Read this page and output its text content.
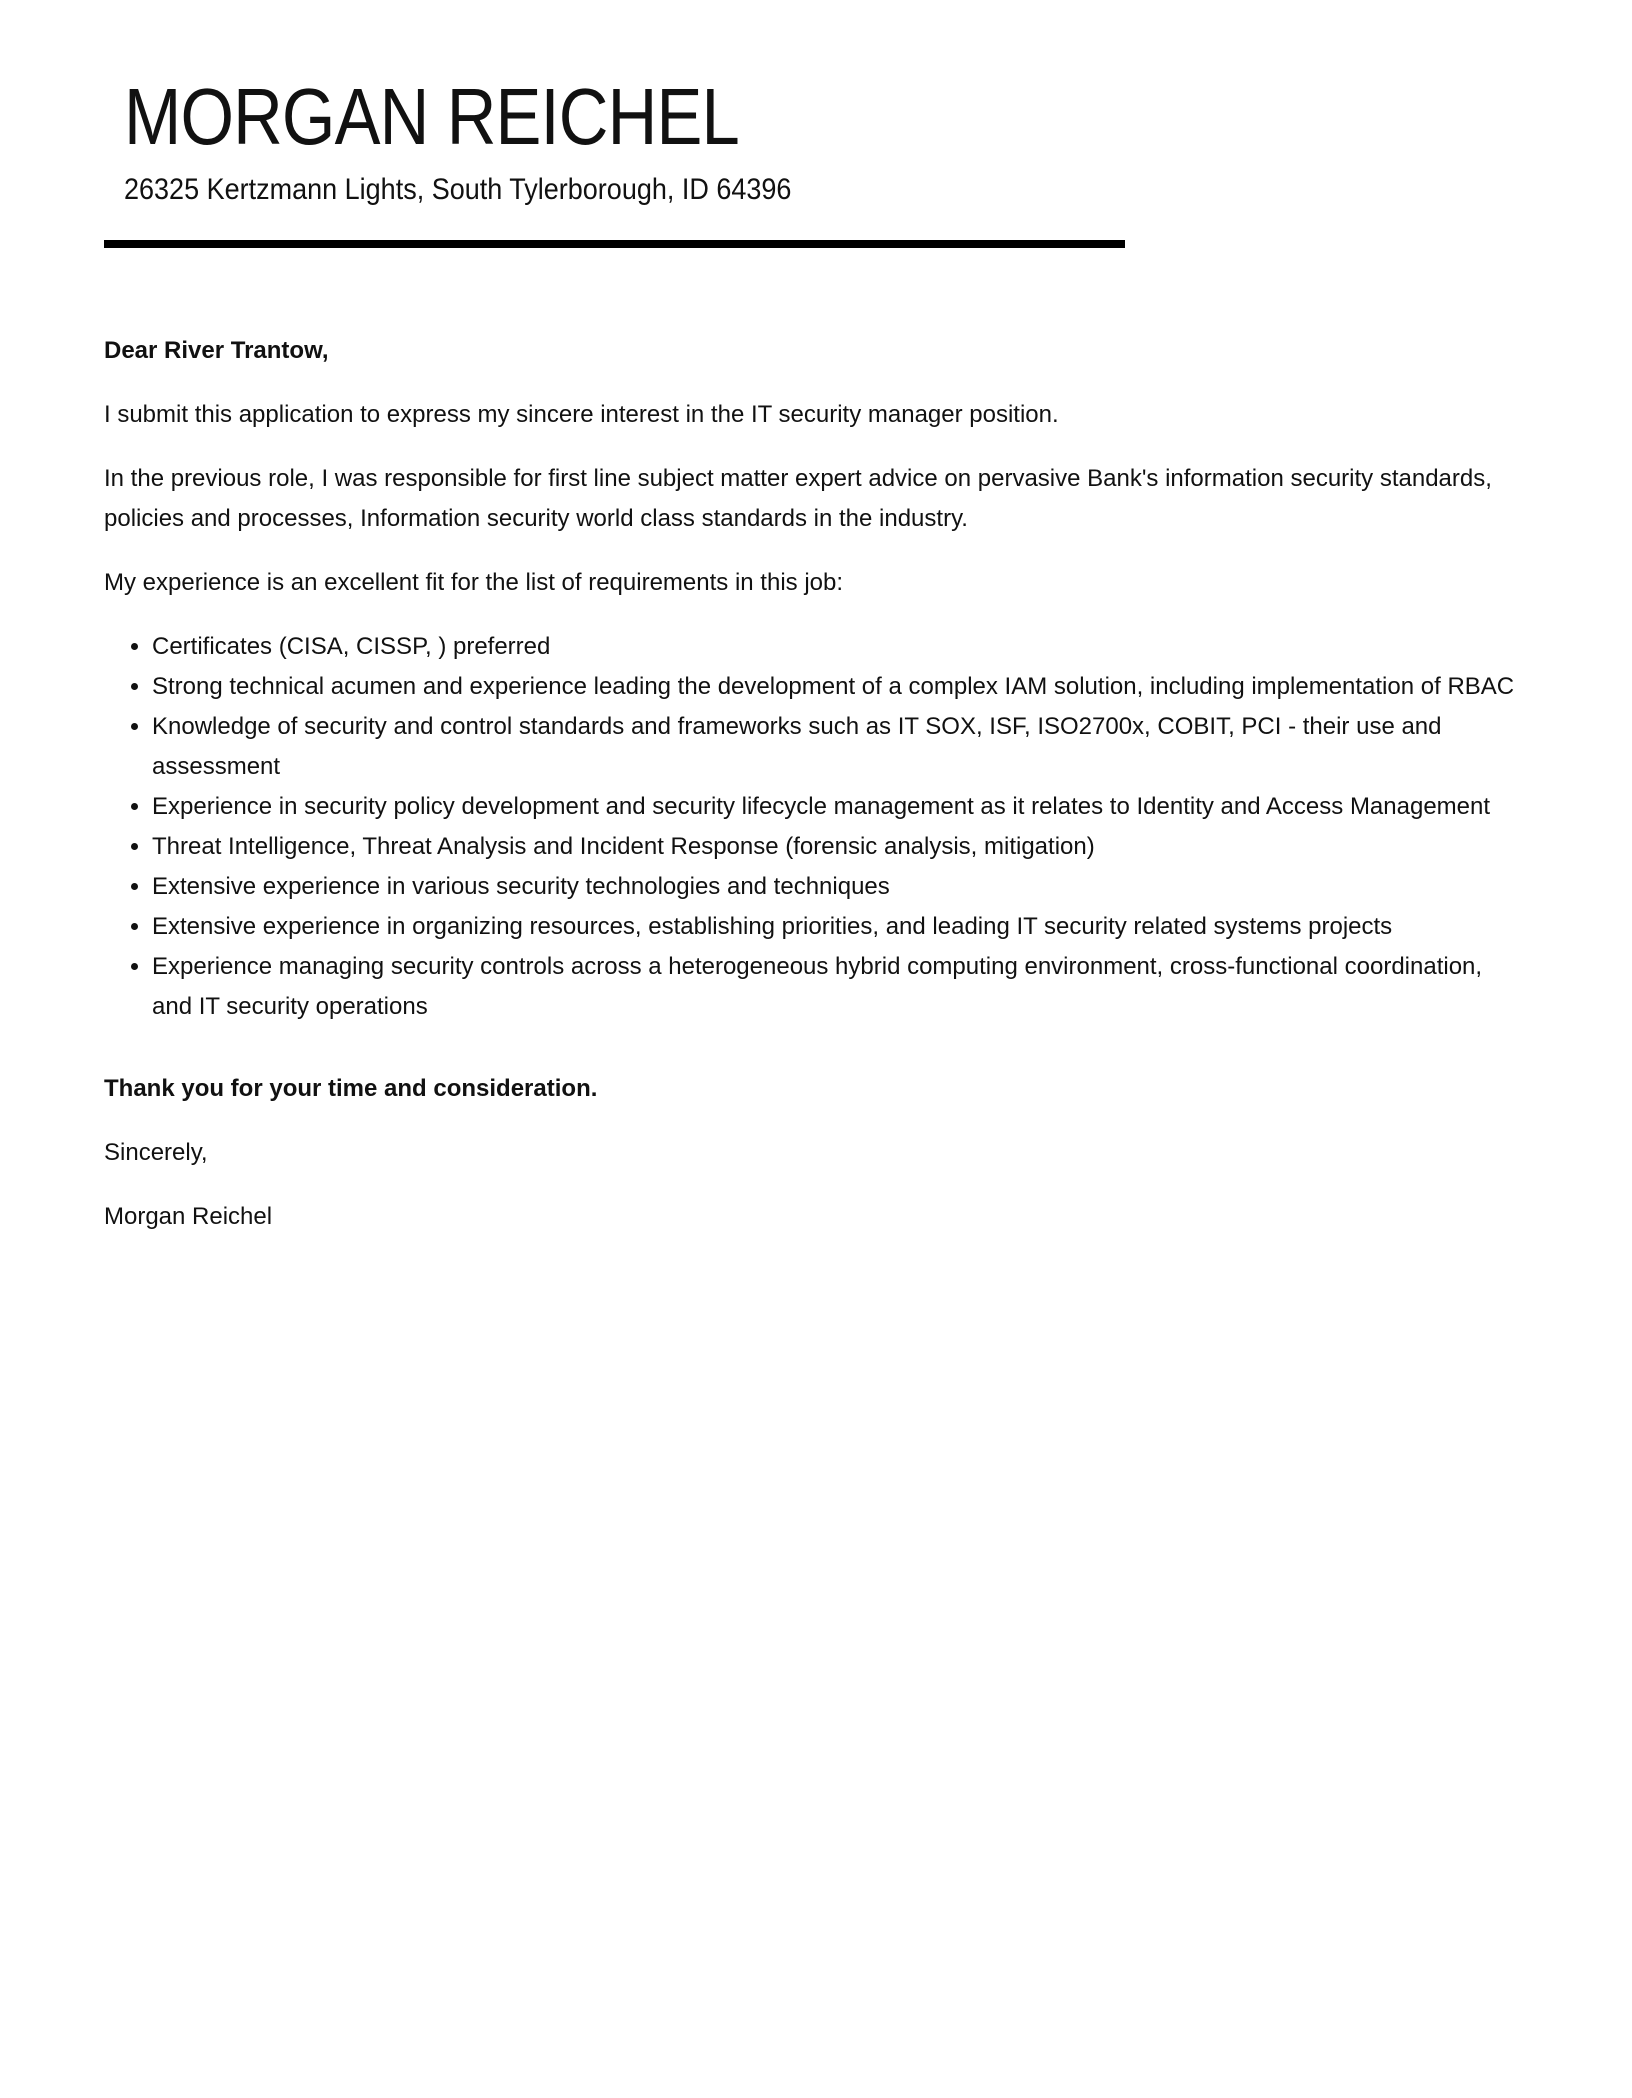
MORGAN REICHEL
26325 Kertzmann Lights, South Tylerborough, ID 64396

Dear River Trantow,

I submit this application to express my sincere interest in the IT security manager position.

In the previous role, I was responsible for first line subject matter expert advice on pervasive Bank's information security standards, policies and processes, Information security world class standards in the industry.

My experience is an excellent fit for the list of requirements in this job:

• Certificates (CISA, CISSP, ) preferred
• Strong technical acumen and experience leading the development of a complex IAM solution, including implementation of RBAC
• Knowledge of security and control standards and frameworks such as IT SOX, ISF, ISO2700x, COBIT, PCI - their use and assessment
• Experience in security policy development and security lifecycle management as it relates to Identity and Access Management
• Threat Intelligence, Threat Analysis and Incident Response (forensic analysis, mitigation)
• Extensive experience in various security technologies and techniques
• Extensive experience in organizing resources, establishing priorities, and leading IT security related systems projects
• Experience managing security controls across a heterogeneous hybrid computing environment, cross-functional coordination, and IT security operations

Thank you for your time and consideration.

Sincerely,

Morgan Reichel
